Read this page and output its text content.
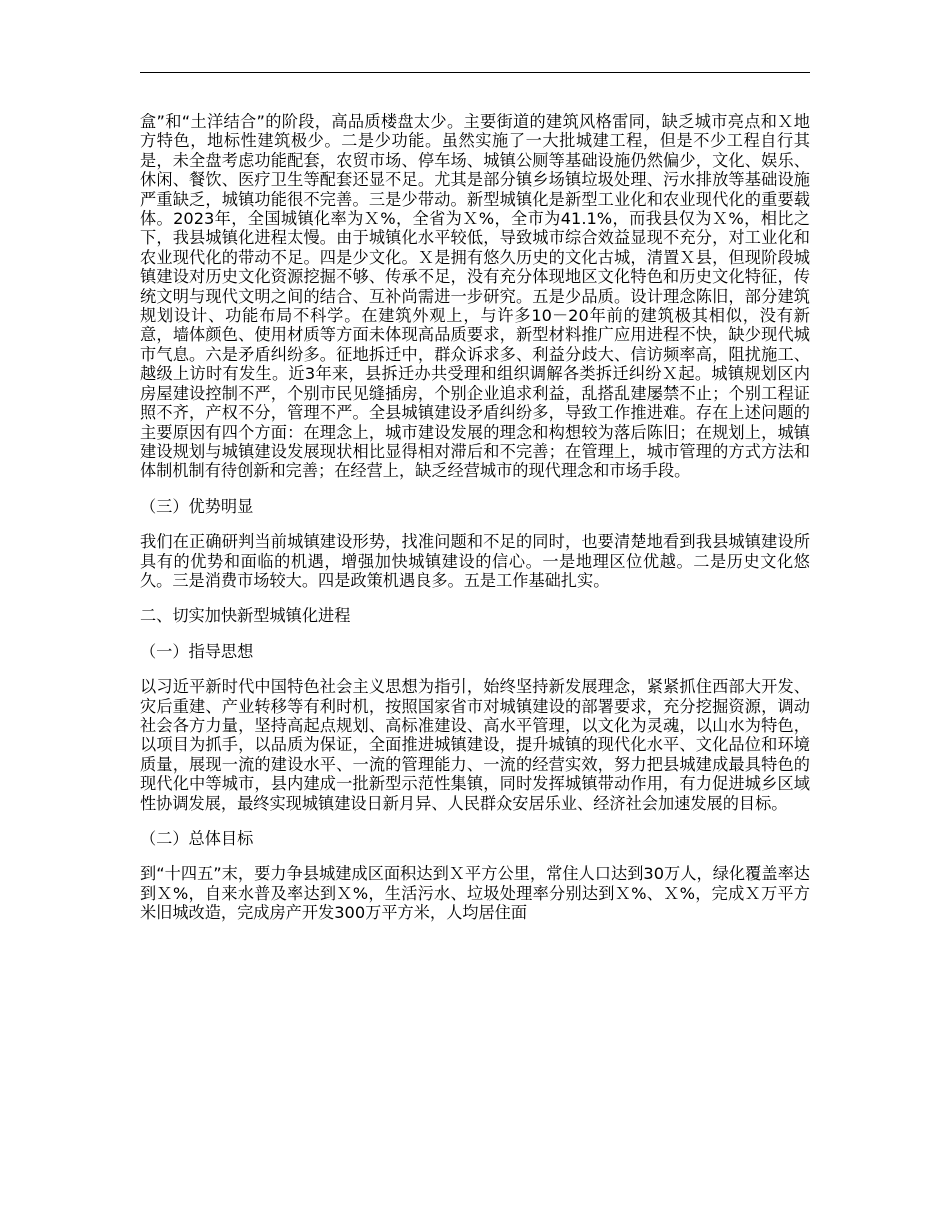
盒”和“土洋结合”的阶段，高品质楼盘太少。主要街道的建筑风格雷同，缺乏城市亮点和Ｘ地方特色，地标性建筑极少。二是少功能。虽然实施了一大批城建工程，但是不少工程自行其是，未全盘考虑功能配套，农贸市场、停车场、城镇公厕等基础设施仍然偏少，文化、娱乐、休闲、餐饮、医疗卫生等配套还显不足。尤其是部分镇乡场镇垃圾处理、污水排放等基础设施严重缺乏，城镇功能很不完善。三是少带动。新型城镇化是新型工业化和农业现代化的重要载体。2023年，全国城镇化率为Ｘ%，全省为Ｘ%，全市为41.1%，而我县仅为Ｘ%，相比之下，我县城镇化进程太慢。由于城镇化水平较低，导致城市综合效益显现不充分，对工业化和农业现代化的带动不足。四是少文化。Ｘ是拥有悠久历史的文化古城，清置Ｘ县，但现阶段城镇建设对历史文化资源挖掘不够、传承不足，没有充分体现地区文化特色和历史文化特征，传统文明与现代文明之间的结合、互补尚需进一步研究。五是少品质。设计理念陈旧，部分建筑规划设计、功能布局不科学。在建筑外观上，与许多10－20年前的建筑极其相似，没有新意，墙体颜色、使用材质等方面未体现高品质要求，新型材料推广应用进程不快，缺少现代城市气息。六是矛盾纠纷多。征地拆迁中，群众诉求多、利益分歧大、信访频率高，阻扰施工、越级上访时有发生。近3年来，县拆迁办共受理和组织调解各类拆迁纠纷Ｘ起。城镇规划区内房屋建设控制不严，个别市民见缝插房，个别企业追求利益，乱搭乱建屡禁不止；个别工程证照不齐，产权不分，管理不严。全县城镇建设矛盾纠纷多，导致工作推进难。存在上述问题的主要原因有四个方面：在理念上，城市建设发展的理念和构想较为落后陈旧；在规划上，城镇建设规划与城镇建设发展现状相比显得相对滞后和不完善；在管理上，城市管理的方式方法和体制机制有待创新和完善；在经营上，缺乏经营城市的现代理念和市场手段。

（三）优势明显

我们在正确研判当前城镇建设形势，找准问题和不足的同时，也要清楚地看到我县城镇建设所具有的优势和面临的机遇，增强加快城镇建设的信心。一是地理区位优越。二是历史文化悠久。三是消费市场较大。四是政策机遇良多。五是工作基础扎实。

二、切实加快新型城镇化进程

（一）指导思想

以习近平新时代中国特色社会主义思想为指引，始终坚持新发展理念，紧紧抓住西部大开发、灾后重建、产业转移等有利时机，按照国家省市对城镇建设的部署要求，充分挖掘资源，调动社会各方力量，坚持高起点规划、高标准建设、高水平管理，以文化为灵魂，以山水为特色，以项目为抓手，以品质为保证，全面推进城镇建设，提升城镇的现代化水平、文化品位和环境质量，展现一流的建设水平、一流的管理能力、一流的经营实效，努力把县城建成最具特色的现代化中等城市，县内建成一批新型示范性集镇，同时发挥城镇带动作用，有力促进城乡区域性协调发展，最终实现城镇建设日新月异、人民群众安居乐业、经济社会加速发展的目标。

（二）总体目标

到“十四五”末，要力争县城建成区面积达到Ｘ平方公里，常住人口达到30万人，绿化覆盖率达到Ｘ%，自来水普及率达到Ｘ%，生活污水、垃圾处理率分别达到Ｘ%、Ｘ%，完成Ｘ万平方米旧城改造，完成房产开发300万平方米，人均居住面
